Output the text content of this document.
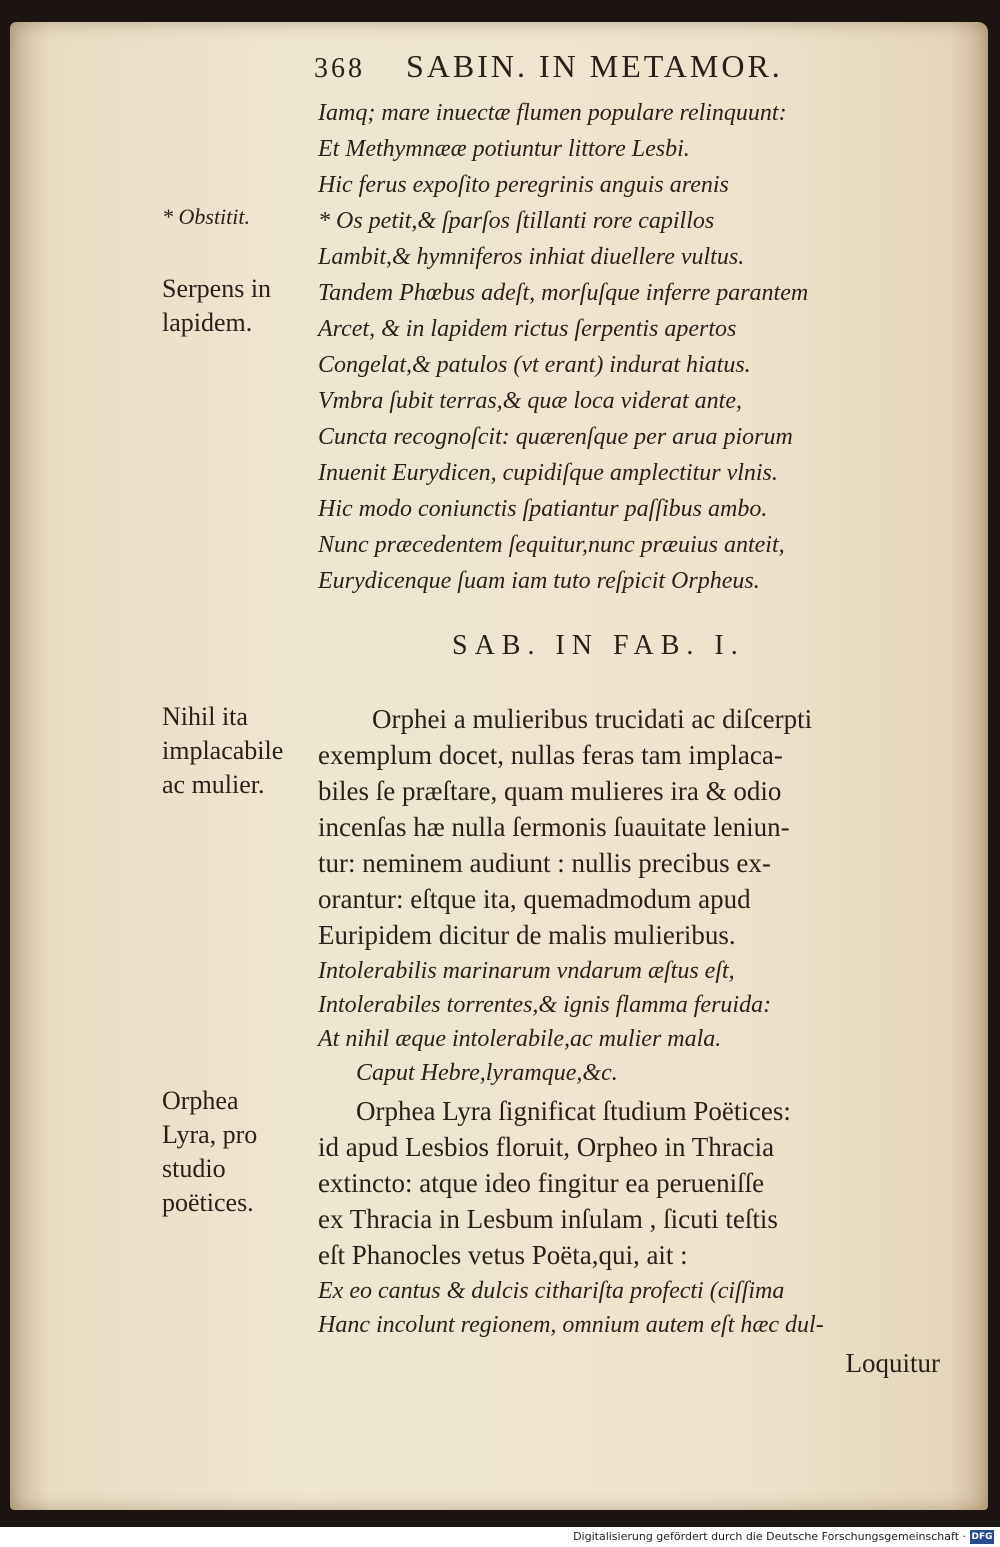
368 SABIN. IN METAMOR.
* Obstitit.
Serpens in lapidem.
Nihil ita implacabile ac mulier.
Orphea Lyra, pro studio poëtices.
Iamq; mare inuectæ flumen populare relinquunt:
Et Methymnææ potiuntur littore Lesbi.
Hic ferus expoſito peregrinis anguis arenis
* Os petit,& ſparſos ſtillanti rore capillos
Lambit,& hymniferos inhiat diuellere vultus.
Tandem Phœbus adeſt, morſuſque inferre parantem
Arcet, & in lapidem rictus ſerpentis apertos
Congelat,& patulos (vt erant) indurat hiatus.
Vmbra ſubit terras,& quæ loca viderat ante,
Cuncta recognoſcit: quærenſque per arua piorum
Inuenit Eurydicen, cupidiſque amplectitur vlnis.
Hic modo coniunctis ſpatiantur paſſibus ambo.
Nunc præcedentem ſequitur,nunc præuius anteit,
Eurydicenque ſuam iam tuto reſpicit Orpheus.
SAB. IN FAB. I.
Orphei a mulieribus trucidati ac diſcerpti
exemplum docet, nullas feras tam implaca-
biles ſe præſtare, quam mulieres ira & odio
incenſas hæ nulla ſermonis ſuauitate leniun-
tur: neminem audiunt : nullis precibus ex-
orantur: eſtque ita, quemadmodum apud
Euripidem dicitur de malis mulieribus.
Intolerabilis marinarum vndarum æſtus eſt,
Intolerabiles torrentes,& ignis flamma feruida:
At nihil æque intolerabile,ac mulier mala.
Caput Hebre,lyramque,&c.
Orphea Lyra ſignificat ſtudium Poëtices:
id apud Lesbios floruit, Orpheo in Thracia
extincto: atque ideo fingitur ea perueniſſe
ex Thracia in Lesbum inſulam , ſicuti teſtis
eſt Phanocles vetus Poëta,qui, ait :
Ex eo cantus & dulcis cithariſta profecti (ciſſima
Hanc incolunt regionem, omnium autem eſt hæc dul-
Loquitur
Digitalisierung gefördert durch die Deutsche Forschungsgemeinschaft · DFG
